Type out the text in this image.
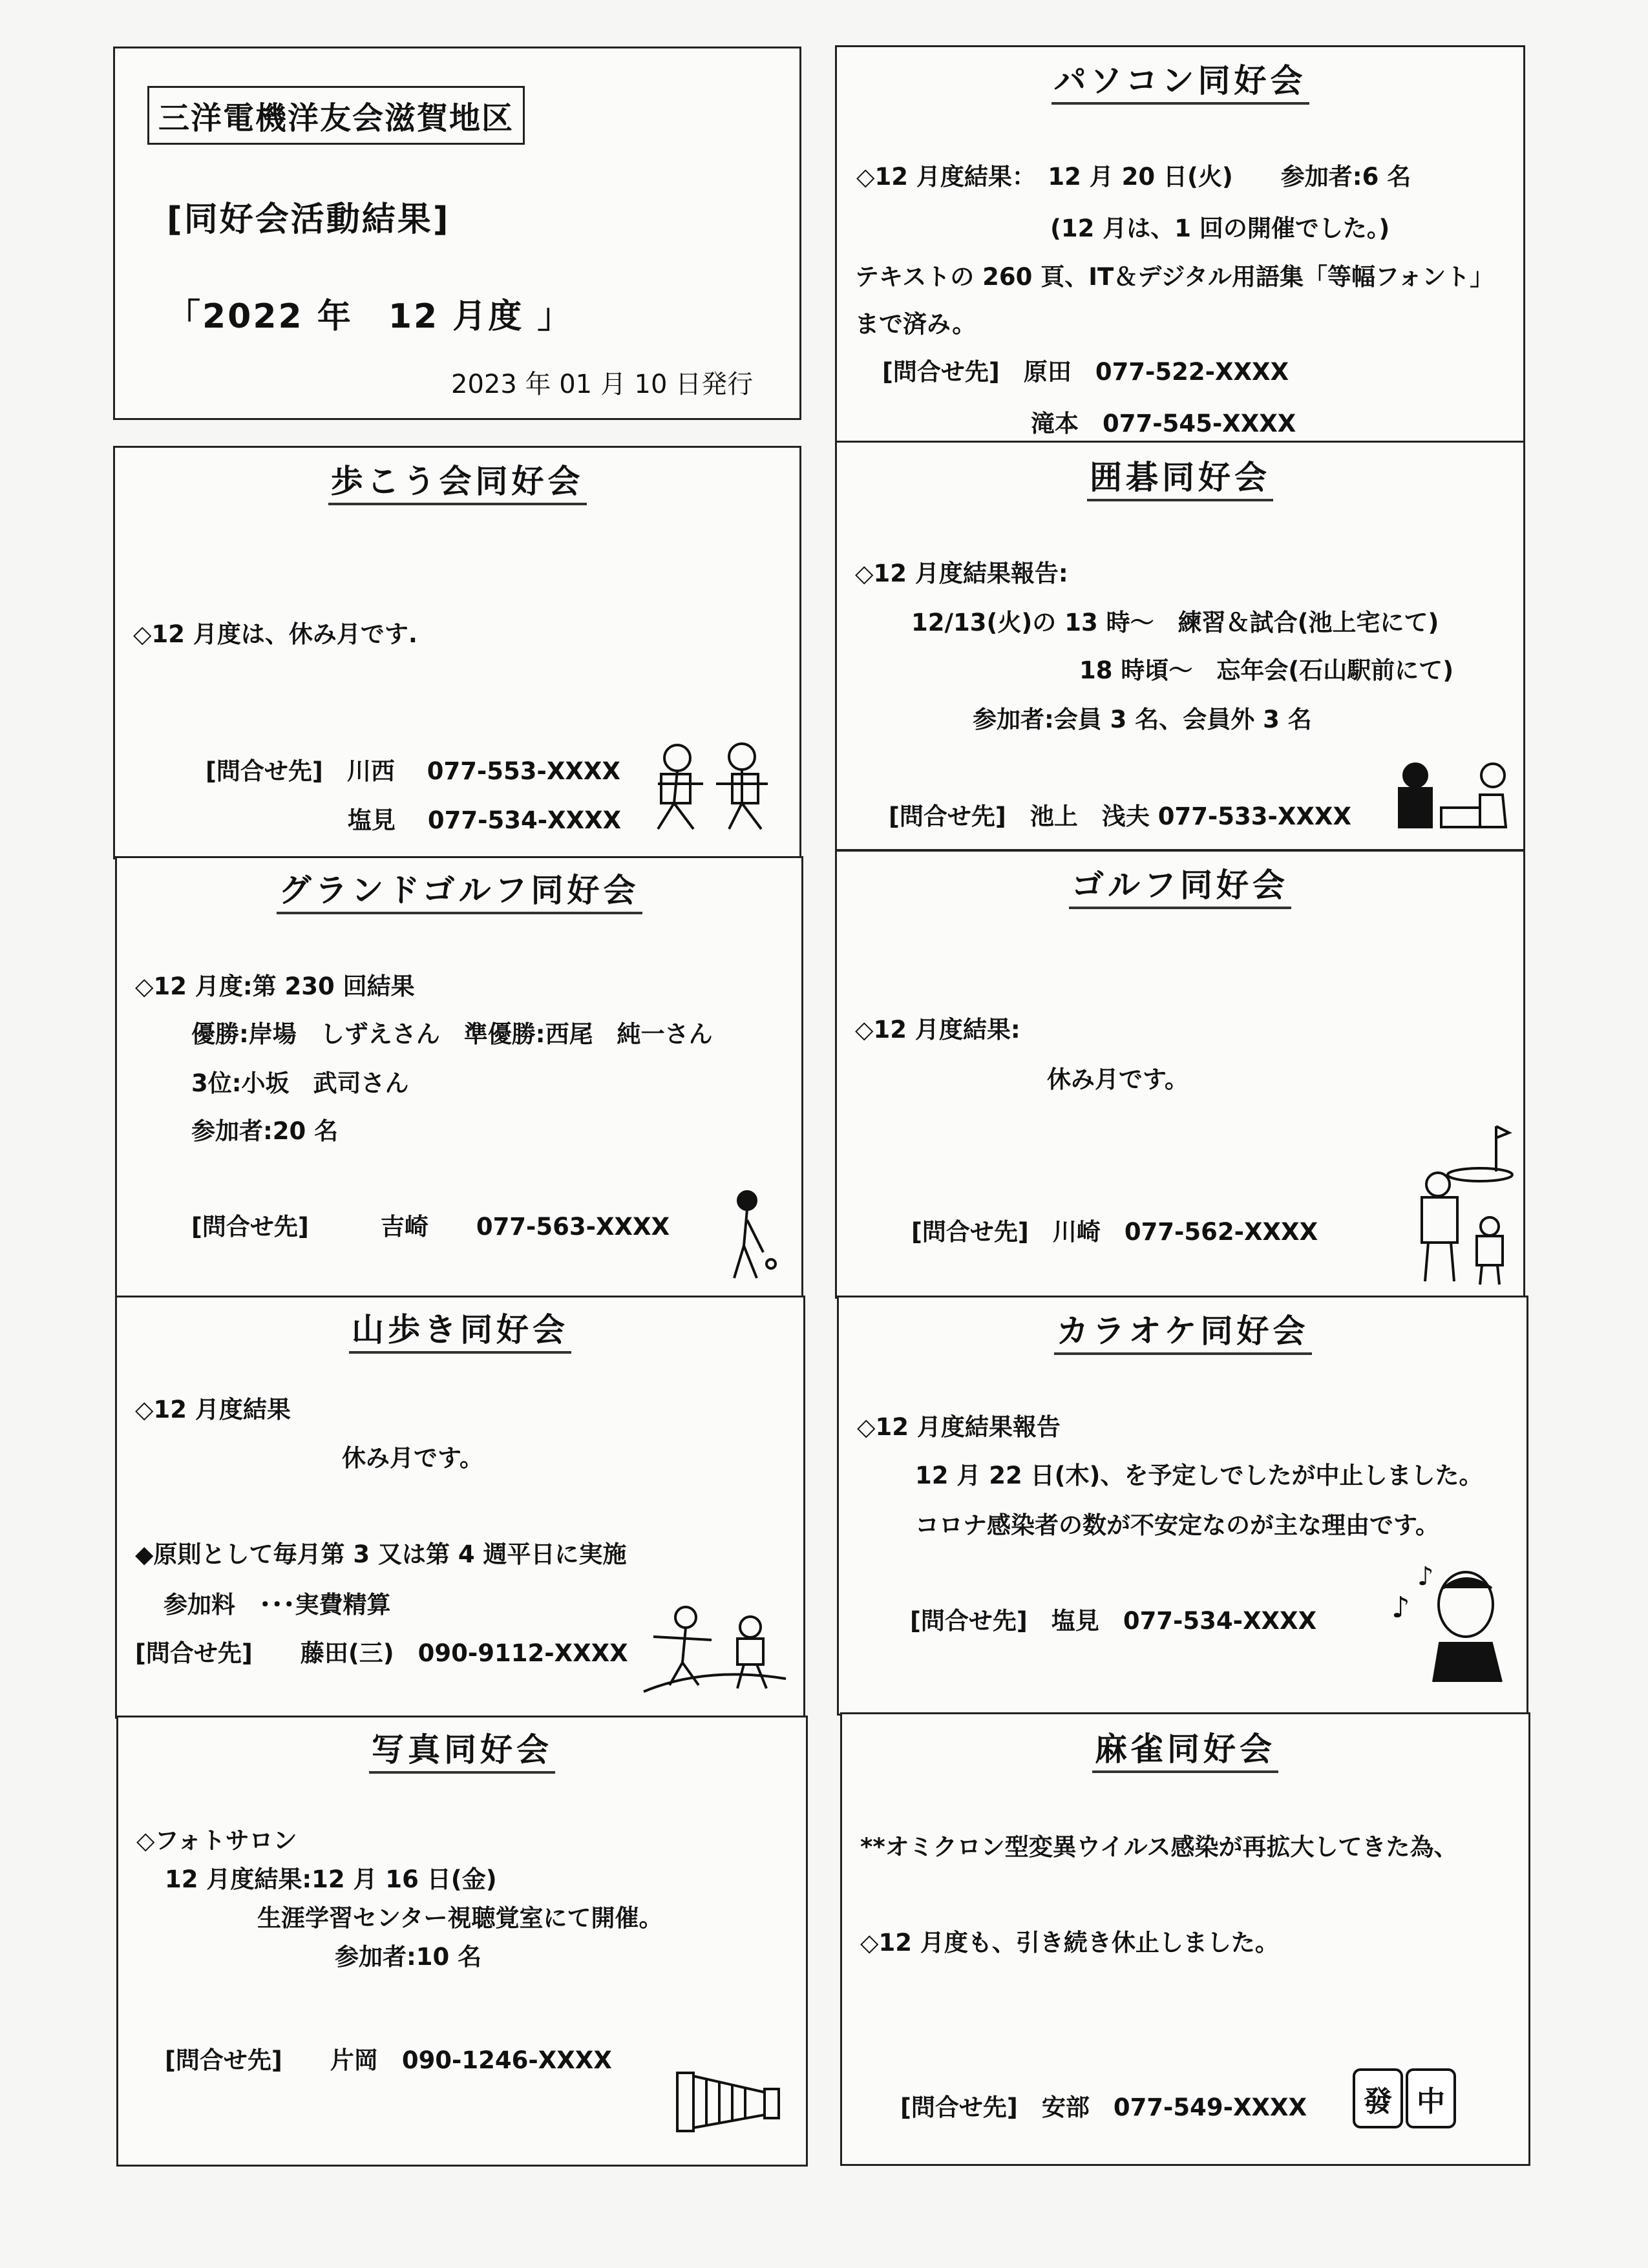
三洋電機洋友会滋賀地区
[同好会活動結果]
「2022 年　12 月度 」
2023 年 01 月 10 日発行
パソコン同好会
◇12 月度結果：　12 月 20 日(火)　　参加者:6 名
(12 月は、1 回の開催でした。)
テキストの 260 頁、IT＆デジタル用語集「等幅フォント」
まで済み。
[問合せ先]　原田　077-522-XXXX
滝本　077-545-XXXX
歩こう会同好会
◇12 月度は、休み月です.
[問合せ先]　川西　 077-553-XXXX
塩見　 077-534-XXXX
囲碁同好会
◇12 月度結果報告:
12/13(火)の 13 時～　練習＆試合(池上宅にて)
18 時頃～　忘年会(石山駅前にて)
参加者:会員 3 名、会員外 3 名
[問合せ先]　池上　浅夫 077-533-XXXX
グランドゴルフ同好会
◇12 月度:第 230 回結果
優勝:岸場　しずえさん　準優勝:西尾　純一さん
3位:小坂　武司さん
参加者:20 名
[問合せ先]　　　吉崎　　077-563-XXXX
ゴルフ同好会
◇12 月度結果:
休み月です。
[問合せ先]　川崎　077-562-XXXX
山歩き同好会
◇12 月度結果
休み月です。
◆原則として毎月第 3 又は第 4 週平日に実施
参加料　･･･実費精算
[問合せ先]　　藤田(三)　090-9112-XXXX
カラオケ同好会
◇12 月度結果報告
12 月 22 日(木)、を予定しでしたが中止しました。
コロナ感染者の数が不安定なのが主な理由です。
[問合せ先]　塩見　077-534-XXXX	♪
♪
写真同好会
◇フォトサロン
12 月度結果:12 月 16 日(金)
生涯学習センター視聴覚室にて開催。
参加者:10 名
[問合せ先]　　片岡　090-1246-XXXX
麻雀同好会
**オミクロン型変異ウイルス感染が再拡大してきた為、
◇12 月度も、引き続き休止しました。
[問合せ先]　安部　077-549-XXXX	發 中
